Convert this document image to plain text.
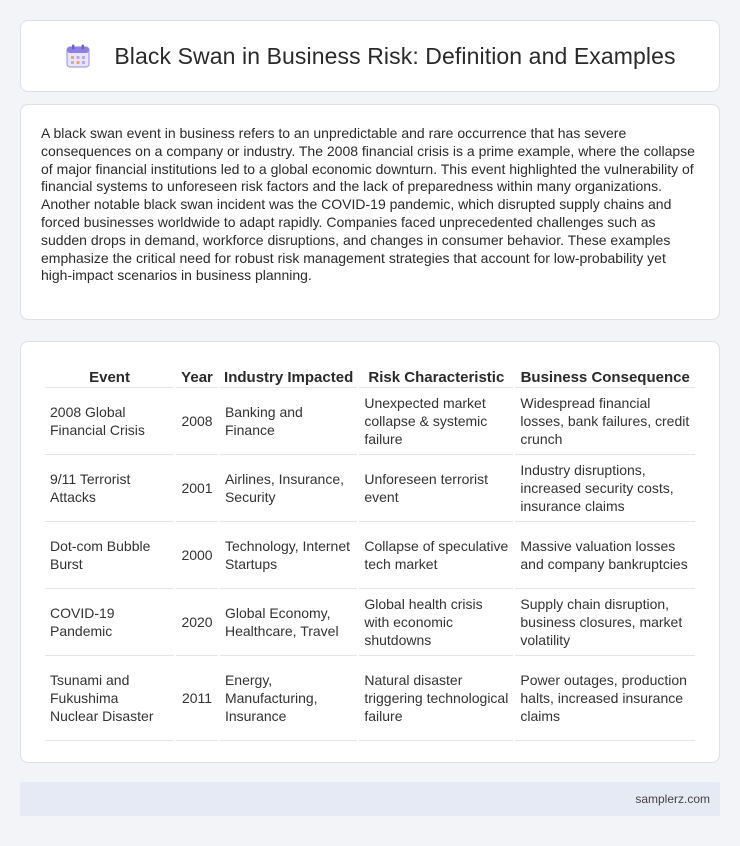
Black Swan in Business Risk: Definition and Examples

A black swan event in business refers to an unpredictable and rare occurrence that has severe consequences on a company or industry. The 2008 financial crisis is a prime example, where the collapse of major financial institutions led to a global economic downturn. This event highlighted the vulnerability of financial systems to unforeseen risk factors and the lack of preparedness within many organizations. Another notable black swan incident was the COVID-19 pandemic, which disrupted supply chains and forced businesses worldwide to adapt rapidly. Companies faced unprecedented challenges such as sudden drops in demand, workforce disruptions, and changes in consumer behavior. These examples emphasize the critical need for robust risk management strategies that account for low-probability yet high-impact scenarios in business planning.

Event	Year	Industry Impacted	Risk Characteristic	Business Consequence
2008 Global Financial Crisis	2008	Banking and Finance	Unexpected market collapse & systemic failure	Widespread financial losses, bank failures, credit crunch
9/11 Terrorist Attacks	2001	Airlines, Insurance, Security	Unforeseen terrorist event	Industry disruptions, increased security costs, insurance claims
Dot-com Bubble Burst	2000	Technology, Internet Startups	Collapse of speculative tech market	Massive valuation losses and company bankruptcies
COVID-19 Pandemic	2020	Global Economy, Healthcare, Travel	Global health crisis with economic shutdowns	Supply chain disruption, business closures, market volatility
Tsunami and Fukushima Nuclear Disaster	2011	Energy, Manufacturing, Insurance	Natural disaster triggering technological failure	Power outages, production halts, increased insurance claims
samplerz.com
